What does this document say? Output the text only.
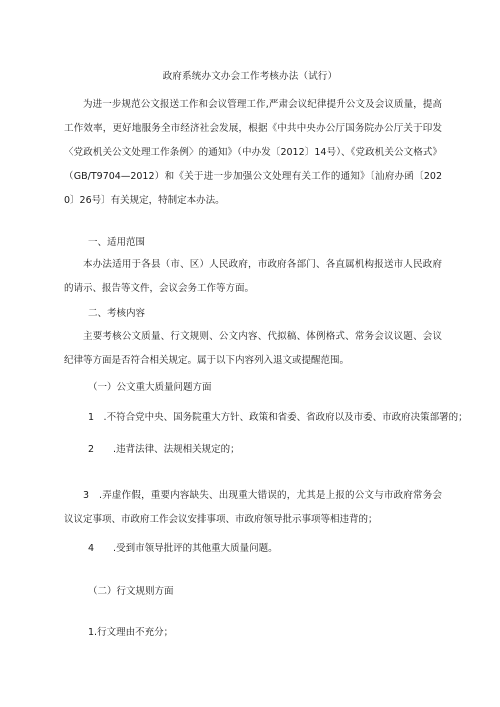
政府系统办文办会工作考核办法（试行）

为进一步规范公文报送工作和会议管理工作,严肃会议纪律提升公文及会议质量，提高工作效率，更好地服务全市经济社会发展，根据《中共中央办公厅国务院办公厅关于印发〈党政机关公文处理工作条例〉的通知》（中办发〔2012〕14号）、《党政机关公文格式》（GB/T9704—2012）和《关于进一步加强公文处理有关工作的通知》〔汕府办函〔2020〕26号〕有关规定，特制定本办法。

一、适用范围

本办法适用于各县（市、区）人民政府，市政府各部门、各直属机构报送市人民政府的请示、报告等文件，会议会务工作等方面。

二、考核内容

主要考核公文质量、行文规则、公文内容、代拟稿、体例格式、常务会议议题、会议纪律等方面是否符合相关规定。属于以下内容列入退文或提醒范围。

（一）公文重大质量问题方面

1　.不符合党中央、国务院重大方针、政策和省委、省政府以及市委、市政府决策部署的；

2　　.违背法律、法规相关规定的；

3　.弄虚作假，重要内容缺失、出现重大错误的，尤其是上报的公文与市政府常务会议议定事项、市政府工作会议安排事项、市政府领导批示事项等相违背的；

4　　.受到市领导批评的其他重大质量问题。

（二）行文规则方面

1.行文理由不充分；
